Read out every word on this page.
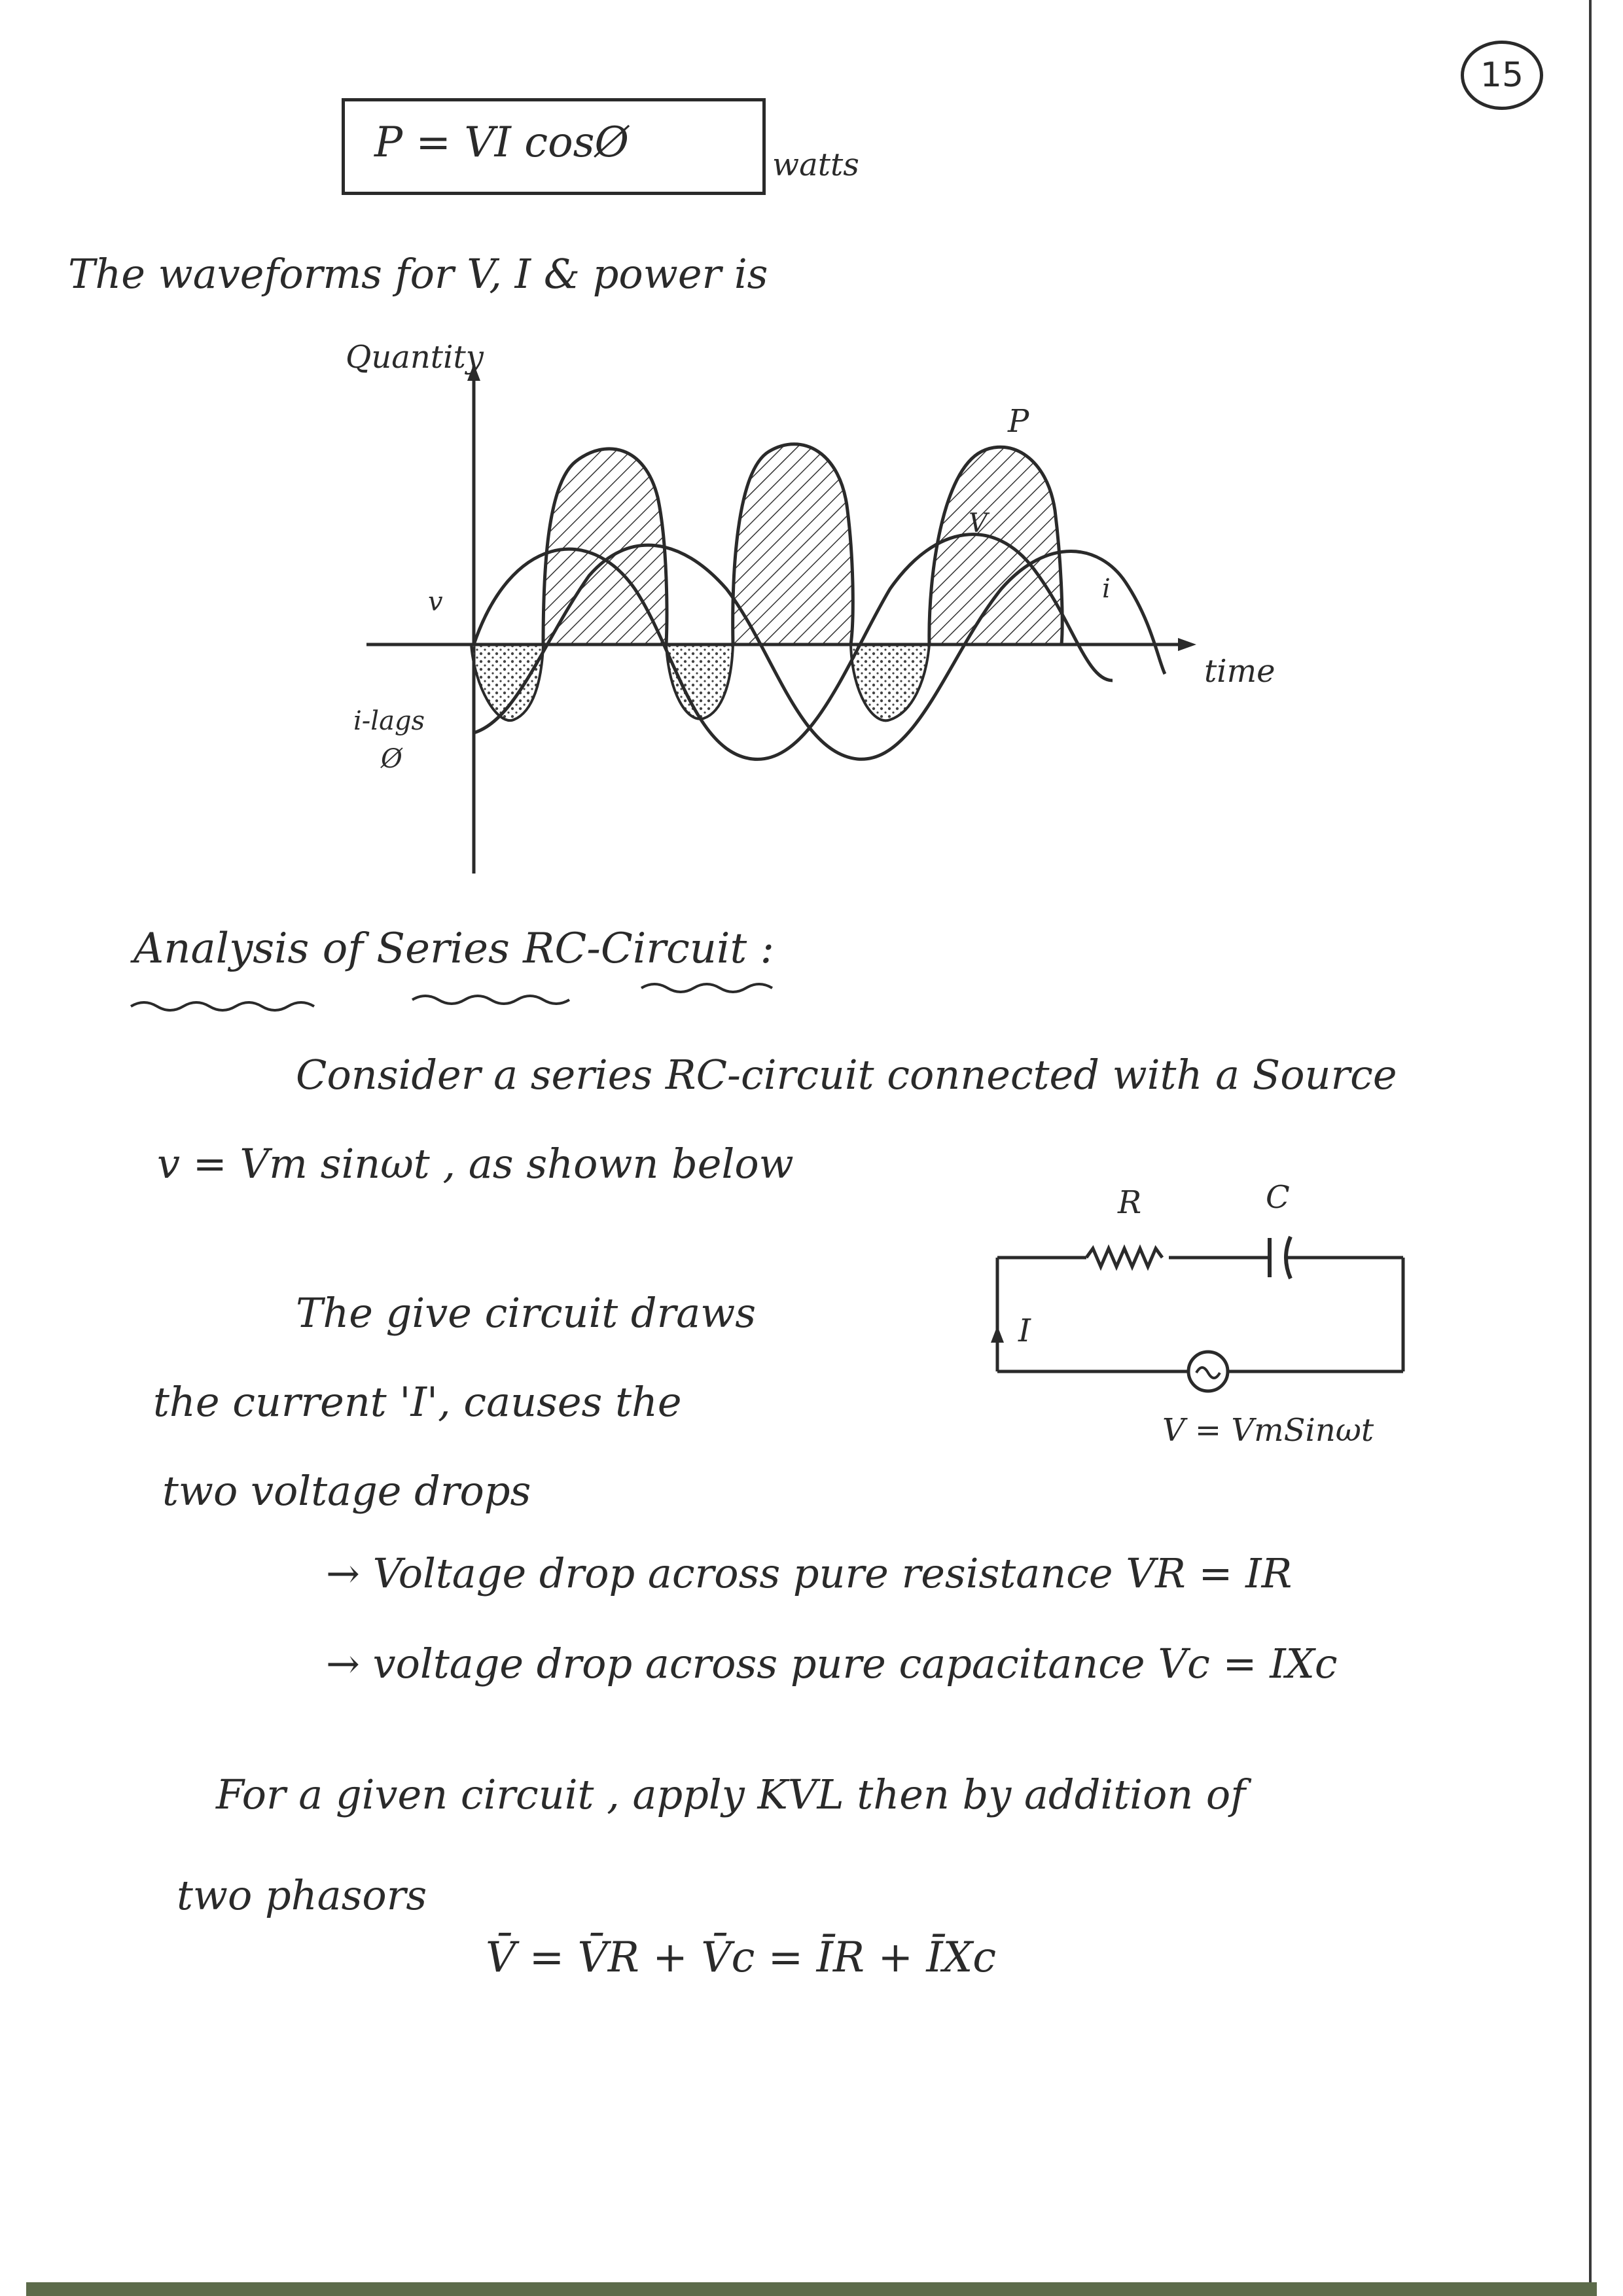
15
P = VI cosØ	watts
The waveforms for V, I & power is
Quantity
time
P
V
i
v
i-lags
Ø
Analysis of Series RC-Circuit :
Consider a series RC-circuit connected with a Source
v = Vm sinωt , as shown below
R	C
I
V = VmSinωt
The give circuit draws
the current 'I', causes the
two voltage drops
→ Voltage drop across pure resistance VR = IR
→ voltage drop across pure capacitance Vc = IXc
For a given circuit , apply KVL then by addition of
two phasors
V̄ = V̄R + V̄c = ĪR + ĪXc
